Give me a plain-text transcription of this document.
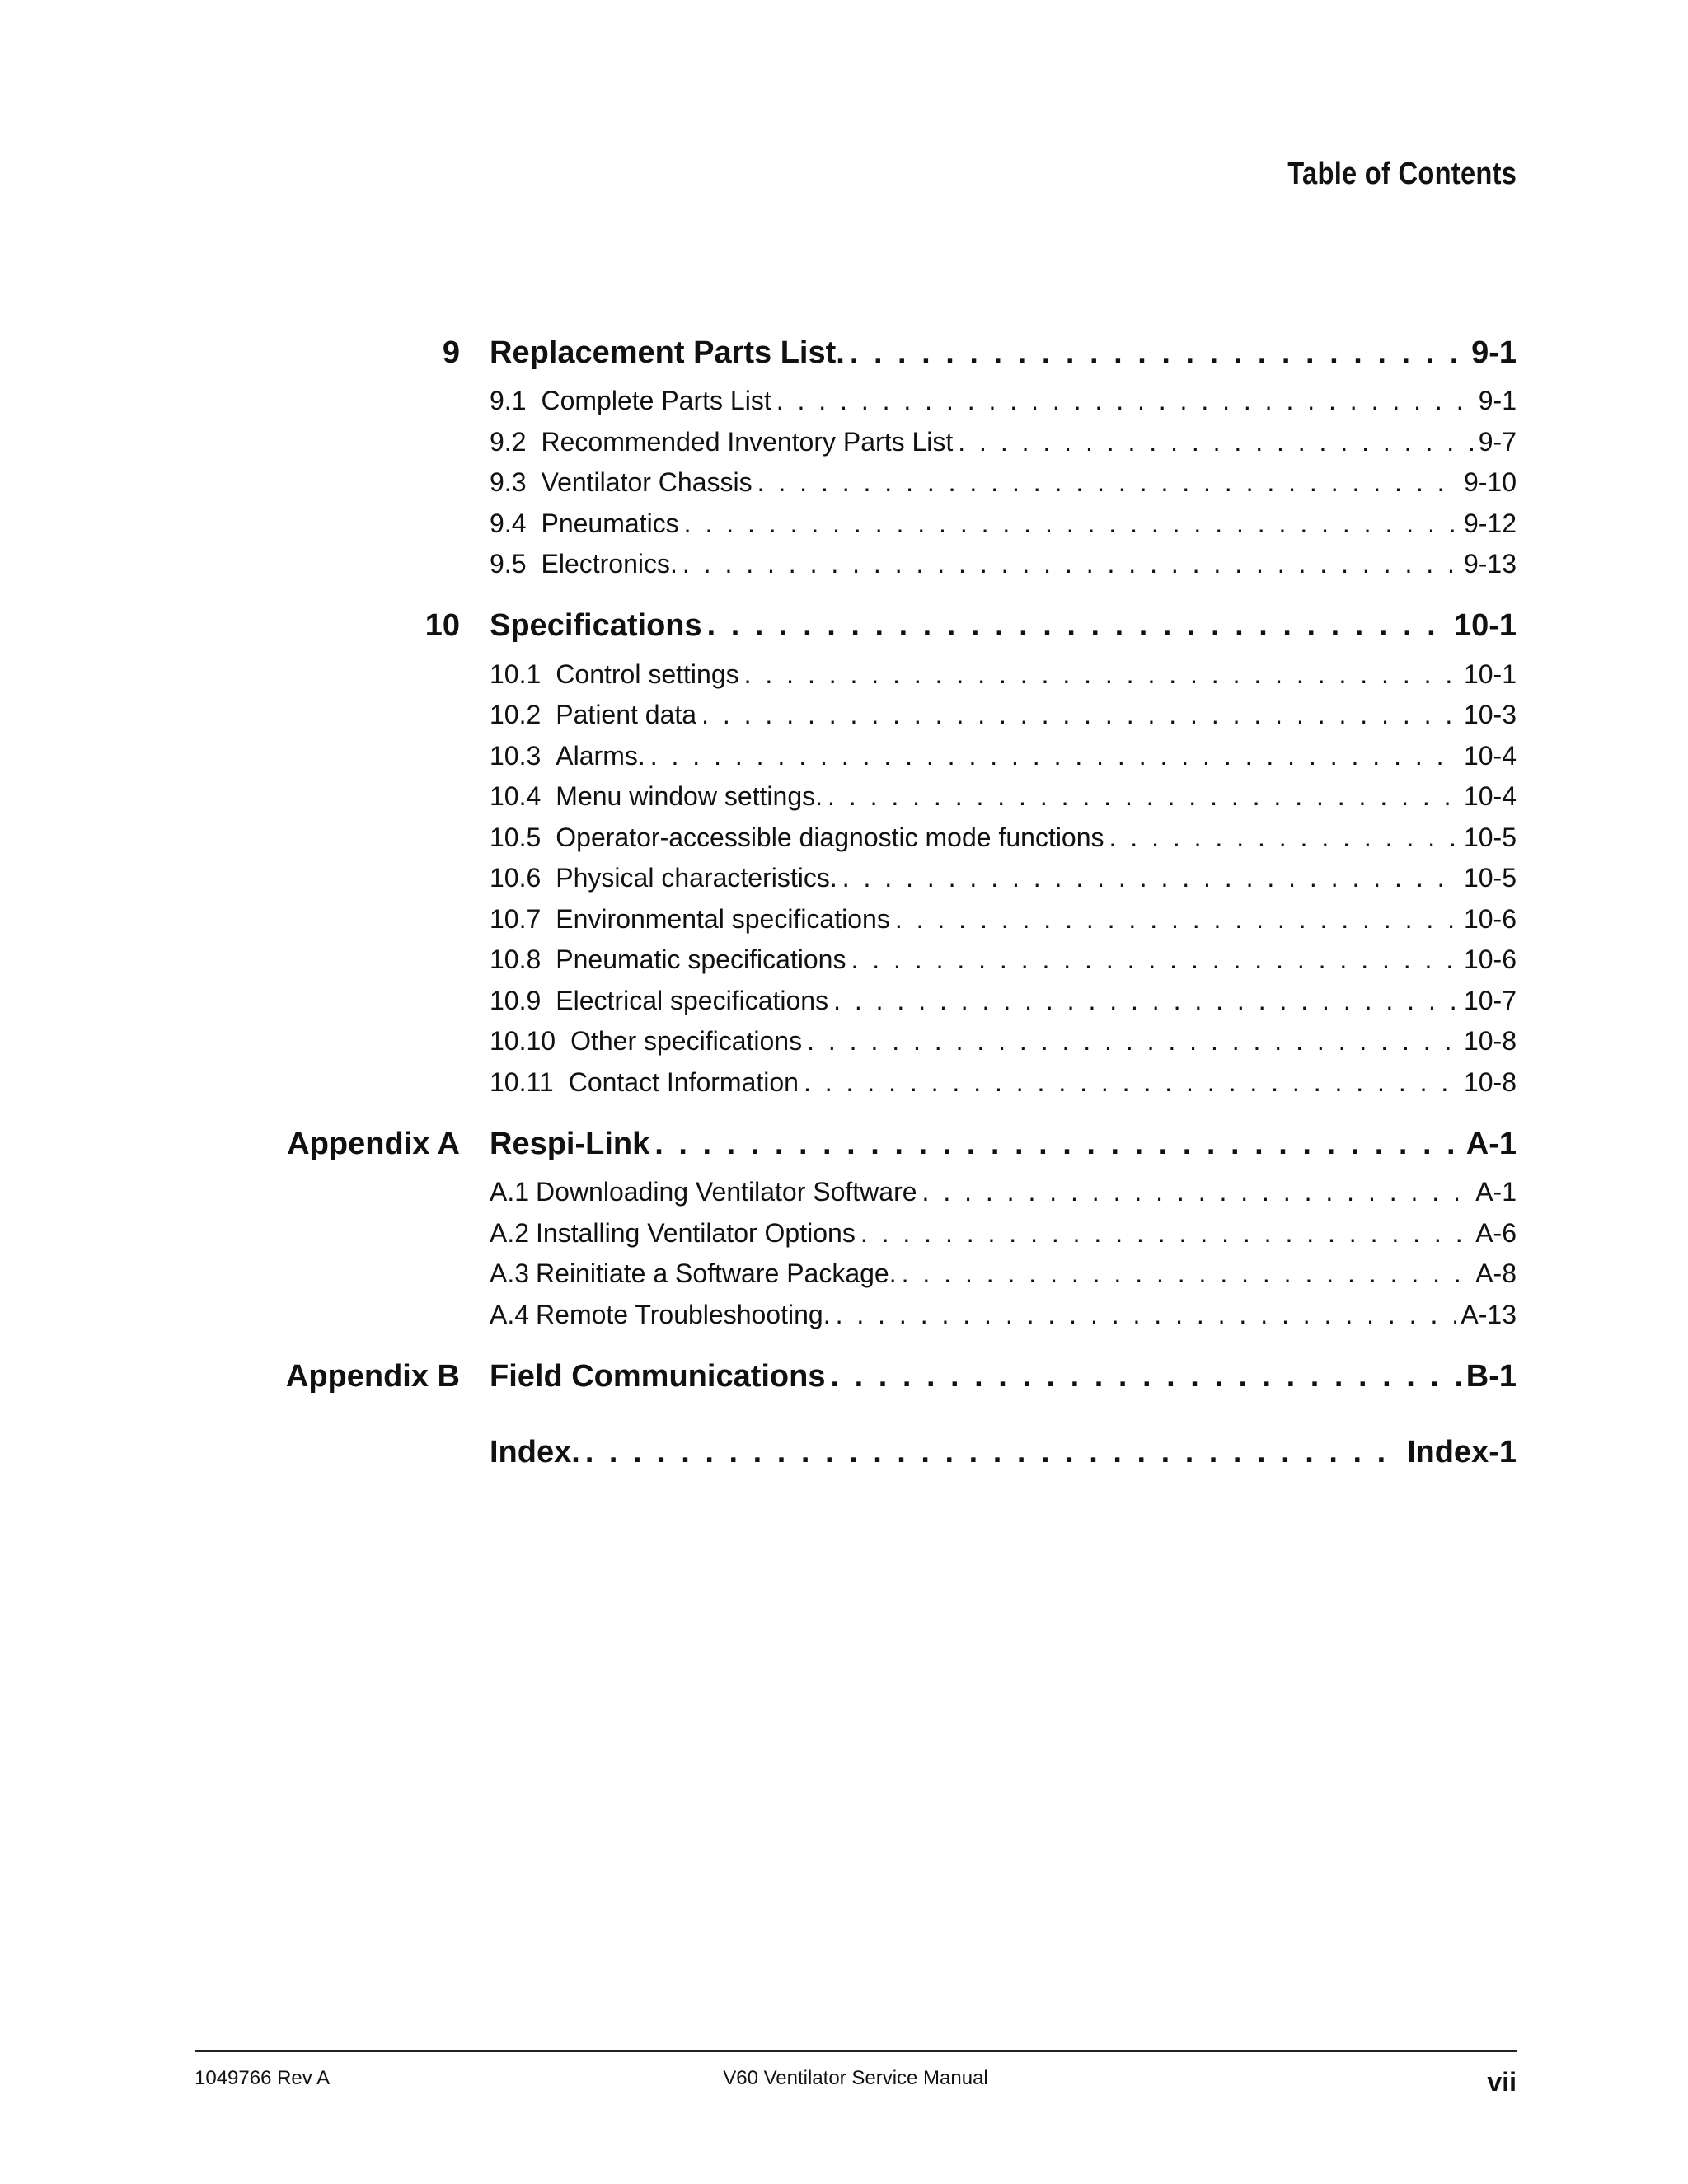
Table of Contents
9 Replacement Parts List. . . .	9-1
9.1 Complete Parts List . . .	9-1
9.2 Recommended Inventory Parts List . . .	9-7
9.3 Ventilator Chassis . . .	9-10
9.4 Pneumatics . . .	9-12
9.5 Electronics. . . .	9-13
10 Specifications . . .	10-1
10.1 Control settings . . .	10-1
10.2 Patient data . . .	10-3
10.3 Alarms. . . .	10-4
10.4 Menu window settings. . . .	10-4
10.5 Operator-accessible diagnostic mode functions . . .	10-5
10.6 Physical characteristics. . . .	10-5
10.7 Environmental specifications . . .	10-6
10.8 Pneumatic specifications . . .	10-6
10.9 Electrical specifications . . .	10-7
10.10 Other specifications . . .	10-8
10.11 Contact Information . . .	10-8
Appendix A Respi-Link . . .	A-1
A.1 Downloading Ventilator Software . . .	A-1
A.2 Installing Ventilator Options . . .	A-6
A.3 Reinitiate a Software Package. . . .	A-8
A.4 Remote Troubleshooting. . . .	A-13
Appendix B Field Communications . . .	B-1
Index. . . .	Index-1
1049766 Rev A	V60 Ventilator Service Manual	vii
